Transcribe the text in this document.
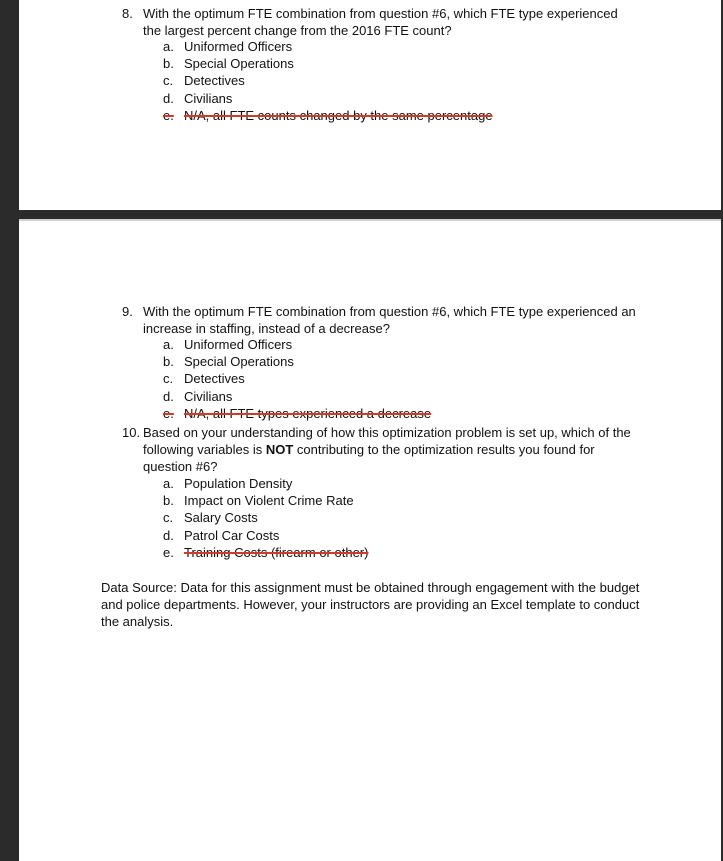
8. With the optimum FTE combination from question #6, which FTE type experienced the largest percent change from the 2016 FTE count?
a. Uniformed Officers
b. Special Operations
c. Detectives
d. Civilians
e. N/A, all FTE counts changed by the same percentage
9. With the optimum FTE combination from question #6, which FTE type experienced an increase in staffing, instead of a decrease?
a. Uniformed Officers
b. Special Operations
c. Detectives
d. Civilians
e. N/A, all FTE types experienced a decrease
10. Based on your understanding of how this optimization problem is set up, which of the following variables is NOT contributing to the optimization results you found for question #6?
a. Population Density
b. Impact on Violent Crime Rate
c. Salary Costs
d. Patrol Car Costs
e. Training Costs (firearm or other)
Data Source: Data for this assignment must be obtained through engagement with the budget and police departments. However, your instructors are providing an Excel template to conduct the analysis.
